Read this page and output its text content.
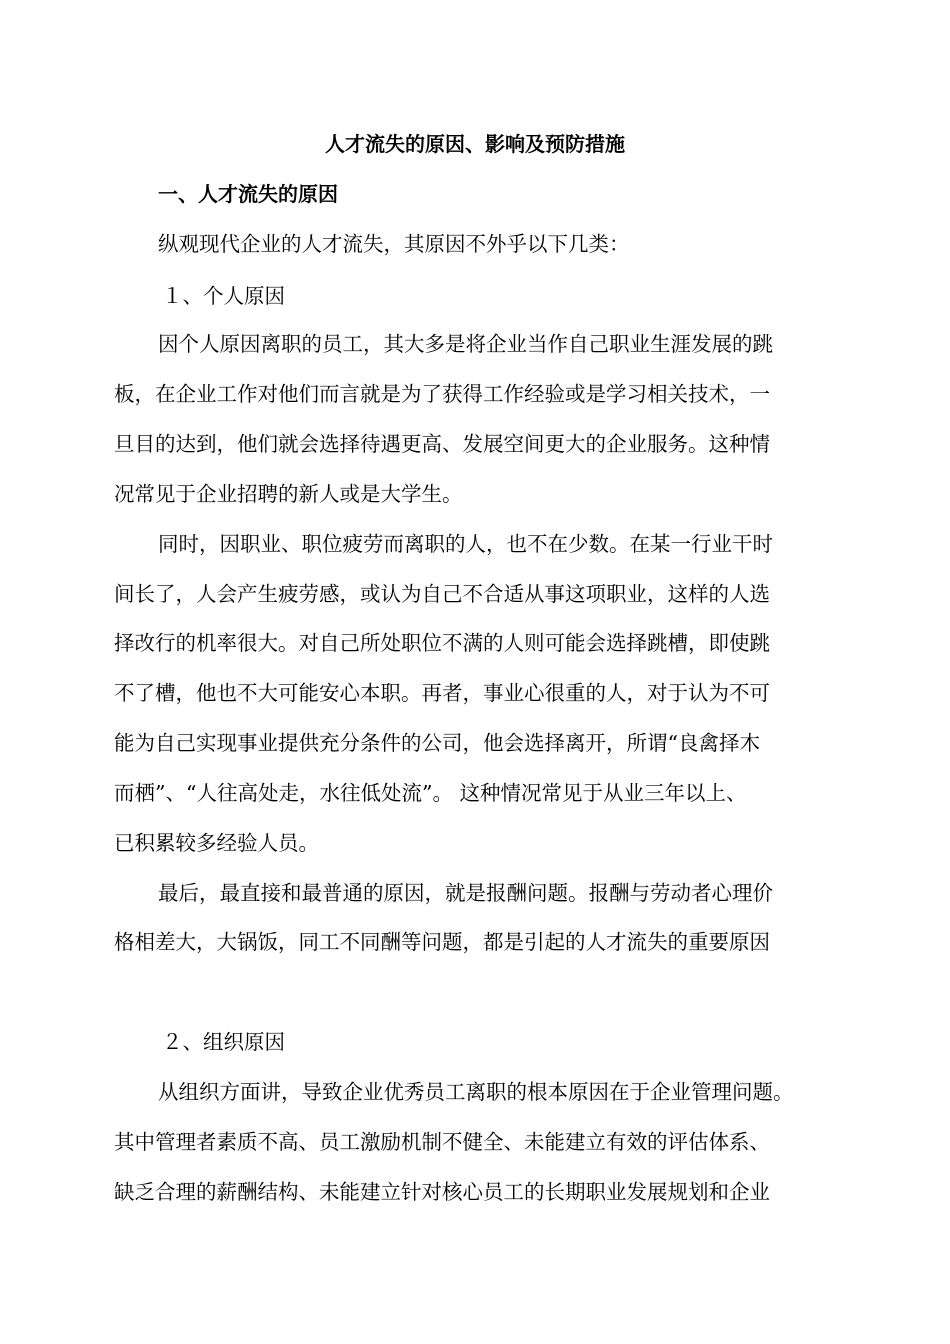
人才流失的原因、影响及预防措施
一、人才流失的原因

纵观现代企业的人才流失，其原因不外乎以下几类：

１、个人原因

因个人原因离职的员工，其大多是将企业当作自己职业生涯发展的跳

板，在企业工作对他们而言就是为了获得工作经验或是学习相关技术，一

旦目的达到，他们就会选择待遇更高、发展空间更大的企业服务。这种情

况常见于企业招聘的新人或是大学生。

同时，因职业、职位疲劳而离职的人，也不在少数。在某一行业干时

间长了，人会产生疲劳感，或认为自己不合适从事这项职业，这样的人选

择改行的机率很大。对自己所处职位不满的人则可能会选择跳槽，即使跳

不了槽，他也不大可能安心本职。再者，事业心很重的人，对于认为不可

能为自己实现事业提供充分条件的公司，他会选择离开，所谓“良禽择木

而栖”、“人往高处走，水往低处流”。 这种情况常见于从业三年以上、

已积累较多经验人员。

最后，最直接和最普通的原因，就是报酬问题。报酬与劳动者心理价

格相差大，大锅饭，同工不同酬等问题，都是引起的人才流失的重要原因

２、组织原因

从组织方面讲，导致企业优秀员工离职的根本原因在于企业管理问题。

其中管理者素质不高、员工激励机制不健全、未能建立有效的评估体系、

缺乏合理的薪酬结构、未能建立针对核心员工的长期职业发展规划和企业
